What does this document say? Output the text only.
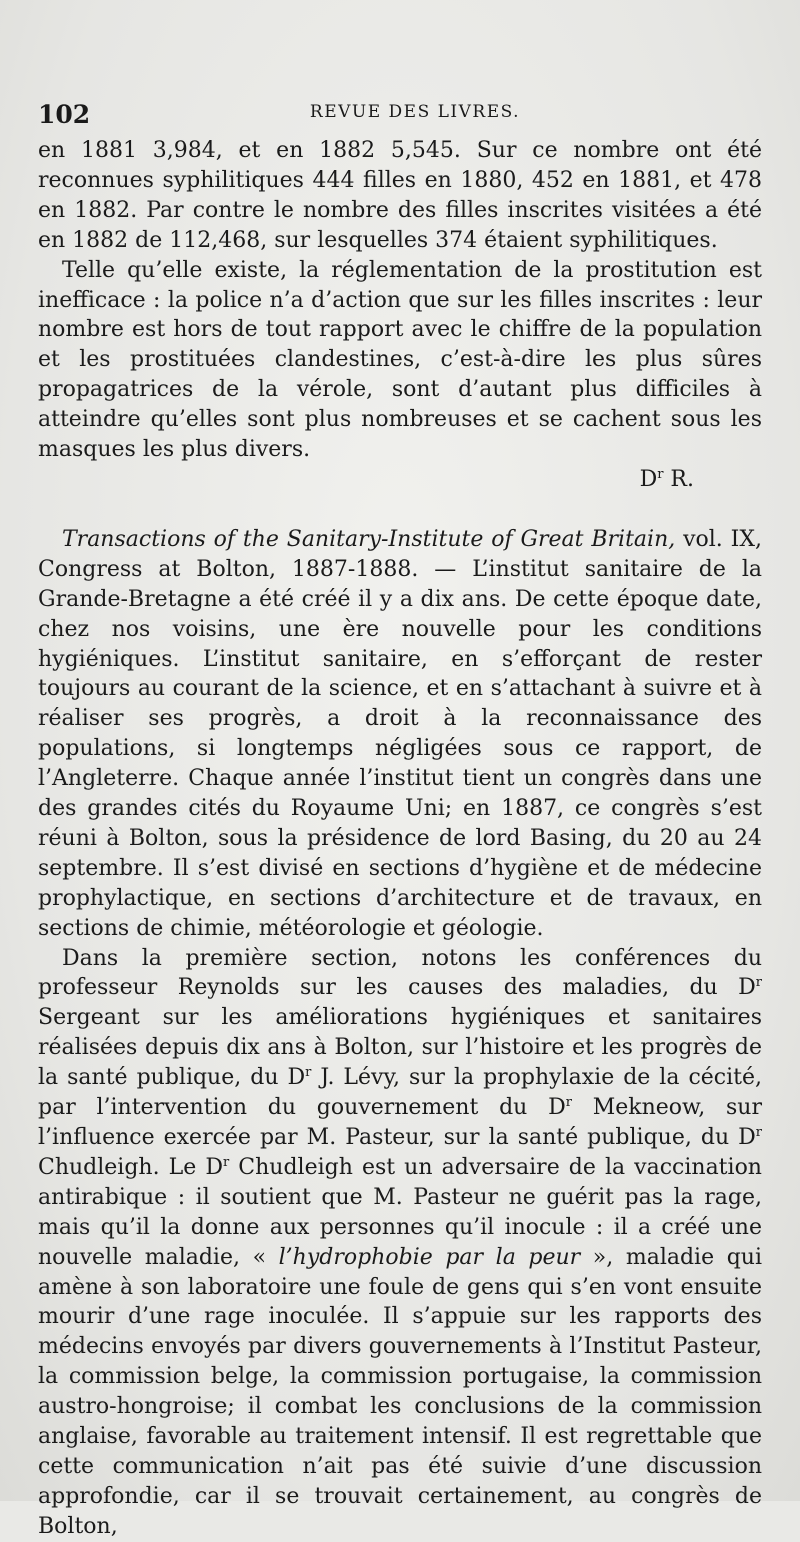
102	REVUE DES LIVRES.

en 1881 3,984, et en 1882 5,545. Sur ce nombre ont été reconnues syphilitiques 444 filles en 1880, 452 en 1881, et 478 en 1882. Par contre le nombre des filles inscrites visitées a été en 1882 de 112,468, sur lesquelles 374 étaient syphilitiques.

Telle qu’elle existe, la réglementation de la prostitution est inefficace : la police n’a d’action que sur les filles inscrites : leur nombre est hors de tout rapport avec le chiffre de la population et les prostituées clandestines, c’est-à-dire les plus sûres propagatrices de la vérole, sont d’autant plus difficiles à atteindre qu’elles sont plus nombreuses et se cachent sous les masques les plus divers.

$D^r$ R.

Transactions of the Sanitary-Institute of Great Britain, vol. IX, Congress at Bolton, 1887-1888. — L’institut sanitaire de la Grande-Bretagne a été créé il y a dix ans. De cette époque date, chez nos voisins, une ère nouvelle pour les conditions hygiéniques. L’institut sanitaire, en s’efforçant de rester toujours au courant de la science, et en s’attachant à suivre et à réaliser ses progrès, a droit à la reconnaissance des populations, si longtemps négligées sous ce rapport, de l’Angleterre. Chaque année l’institut tient un congrès dans une des grandes cités du Royaume Uni; en 1887, ce congrès s’est réuni à Bolton, sous la présidence de lord Basing, du 20 au 24 septembre. Il s’est divisé en sections d’hygiène et de médecine prophylactique, en sections d’architecture et de travaux, en sections de chimie, météorologie et géologie.

Dans la première section, notons les conférences du professeur Reynolds sur les causes des maladies, du $D^r$ Sergeant sur les améliorations hygiéniques et sanitaires réalisées depuis dix ans à Bolton, sur l’histoire et les progrès de la santé publique, du $D^r$ J. Lévy, sur la prophylaxie de la cécité, par l’intervention du gouvernement du $D^r$ Mekneow, sur l’influence exercée par M. Pasteur, sur la santé publique, du $D^r$ Chudleigh. Le $D^r$ Chudleigh est un adversaire de la vaccination antirabique : il soutient que M. Pasteur ne guérit pas la rage, mais qu’il la donne aux personnes qu’il inocule : il a créé une nouvelle maladie, « l’hydrophobie par la peur », maladie qui amène à son laboratoire une foule de gens qui s’en vont ensuite mourir d’une rage inoculée. Il s’appuie sur les rapports des médecins envoyés par divers gouvernements à l’Institut Pasteur, la commission belge, la commission portugaise, la commission austro-hongroise; il combat les conclusions de la commission anglaise, favorable au traitement intensif. Il est regrettable que cette communication n’ait pas été suivie d’une discussion approfondie, car il se trouvait certainement, au congrès de Bolton,
